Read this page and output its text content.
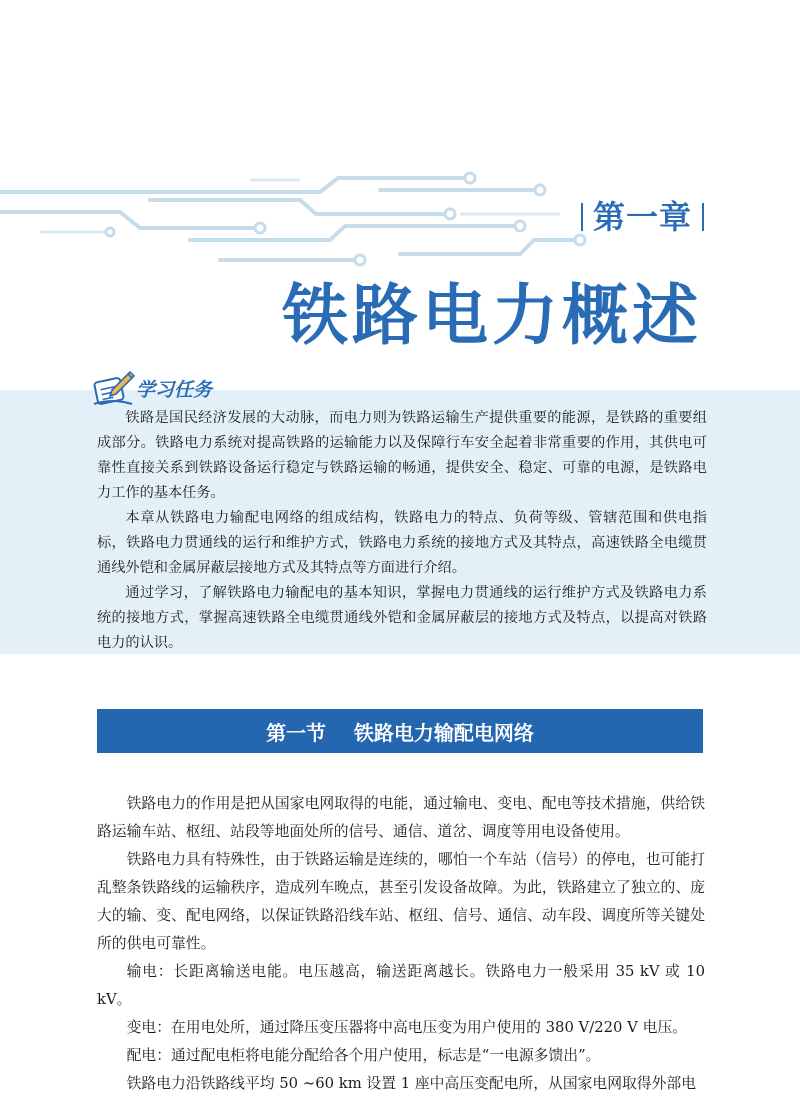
第一章
铁路电力概述
学习任务

铁路是国民经济发展的大动脉，而电力则为铁路运输生产提供重要的能源，是铁路的重要组成部分。铁路电力系统对提高铁路的运输能力以及保障行车安全起着非常重要的作用，其供电可靠性直接关系到铁路设备运行稳定与铁路运输的畅通，提供安全、稳定、可靠的电源，是铁路电力工作的基本任务。

本章从铁路电力输配电网络的组成结构，铁路电力的特点、负荷等级、管辖范围和供电指标，铁路电力贯通线的运行和维护方式，铁路电力系统的接地方式及其特点，高速铁路全电缆贯通线外铠和金属屏蔽层接地方式及其特点等方面进行介绍。

通过学习，了解铁路电力输配电的基本知识，掌握电力贯通线的运行维护方式及铁路电力系统的接地方式，掌握高速铁路全电缆贯通线外铠和金属屏蔽层的接地方式及特点，以提高对铁路电力的认识。

第一节    铁路电力输配电网络

铁路电力的作用是把从国家电网取得的电能，通过输电、变电、配电等技术措施，供给铁路运输车站、枢纽、站段等地面处所的信号、通信、道岔、调度等用电设备使用。

铁路电力具有特殊性，由于铁路运输是连续的，哪怕一个车站（信号）的停电，也可能打乱整条铁路线的运输秩序，造成列车晚点，甚至引发设备故障。为此，铁路建立了独立的、庞大的输、变、配电网络，以保证铁路沿线车站、枢纽、信号、通信、动车段、调度所等关键处所的供电可靠性。

输电：长距离输送电能。电压越高，输送距离越长。铁路电力一般采用 35 kV 或 10 kV。

变电：在用电处所，通过降压变压器将中高电压变为用户使用的 380 V/220 V 电压。

配电：通过配电柜将电能分配给各个用户使用，标志是“一电源多馈出”。

铁路电力沿铁路线平均 50 ~60 km 设置 1 座中高压变配电所，从国家电网取得外部电
